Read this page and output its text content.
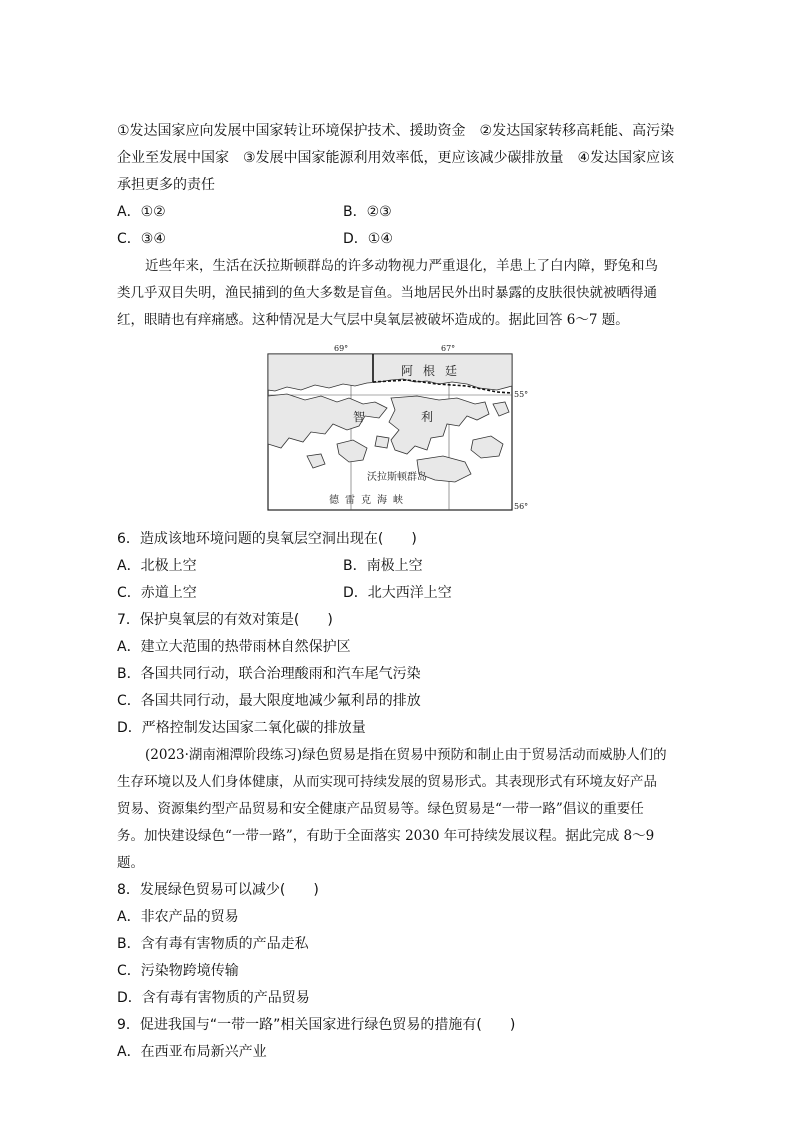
①发达国家应向发展中国家转让环境保护技术、援助资金　②发达国家转移高耗能、高污染

企业至发展中国家　③发展中国家能源利用效率低，更应该减少碳排放量　④发达国家应该

承担更多的责任

A．①②	B．②③
C．③④	D．①④

近些年来，生活在沃拉斯顿群岛的许多动物视力严重退化，羊患上了白内障，野兔和鸟

类几乎双目失明，渔民捕到的鱼大多数是盲鱼。当地居民外出时暴露的皮肤很快就被晒得通

红，眼睛也有痒痛感。这种情况是大气层中臭氧层被破坏造成的。据此回答 6～7 题。

69°	67°
55°
56°
阿根廷
智	利
沃拉斯顿群岛
德雷克海峡

6．造成该地环境问题的臭氧层空洞出现在(　　)

A．北极上空	B．南极上空
C．赤道上空	D．北大西洋上空

7．保护臭氧层的有效对策是(　　)

A．建立大范围的热带雨林自然保护区

B．各国共同行动，联合治理酸雨和汽车尾气污染

C．各国共同行动，最大限度地减少氟利昂的排放

D．严格控制发达国家二氧化碳的排放量

(2023·湖南湘潭阶段练习)绿色贸易是指在贸易中预防和制止由于贸易活动而威胁人们的

生存环境以及人们身体健康，从而实现可持续发展的贸易形式。其表现形式有环境友好产品

贸易、资源集约型产品贸易和安全健康产品贸易等。绿色贸易是“一带一路”倡议的重要任

务。加快建设绿色“一带一路”，有助于全面落实 2030 年可持续发展议程。据此完成 8～9 题。

8．发展绿色贸易可以减少(　　)

A．非农产品的贸易

B．含有毒有害物质的产品走私

C．污染物跨境传输

D．含有毒有害物质的产品贸易

9．促进我国与“一带一路”相关国家进行绿色贸易的措施有(　　)

A．在西亚布局新兴产业
